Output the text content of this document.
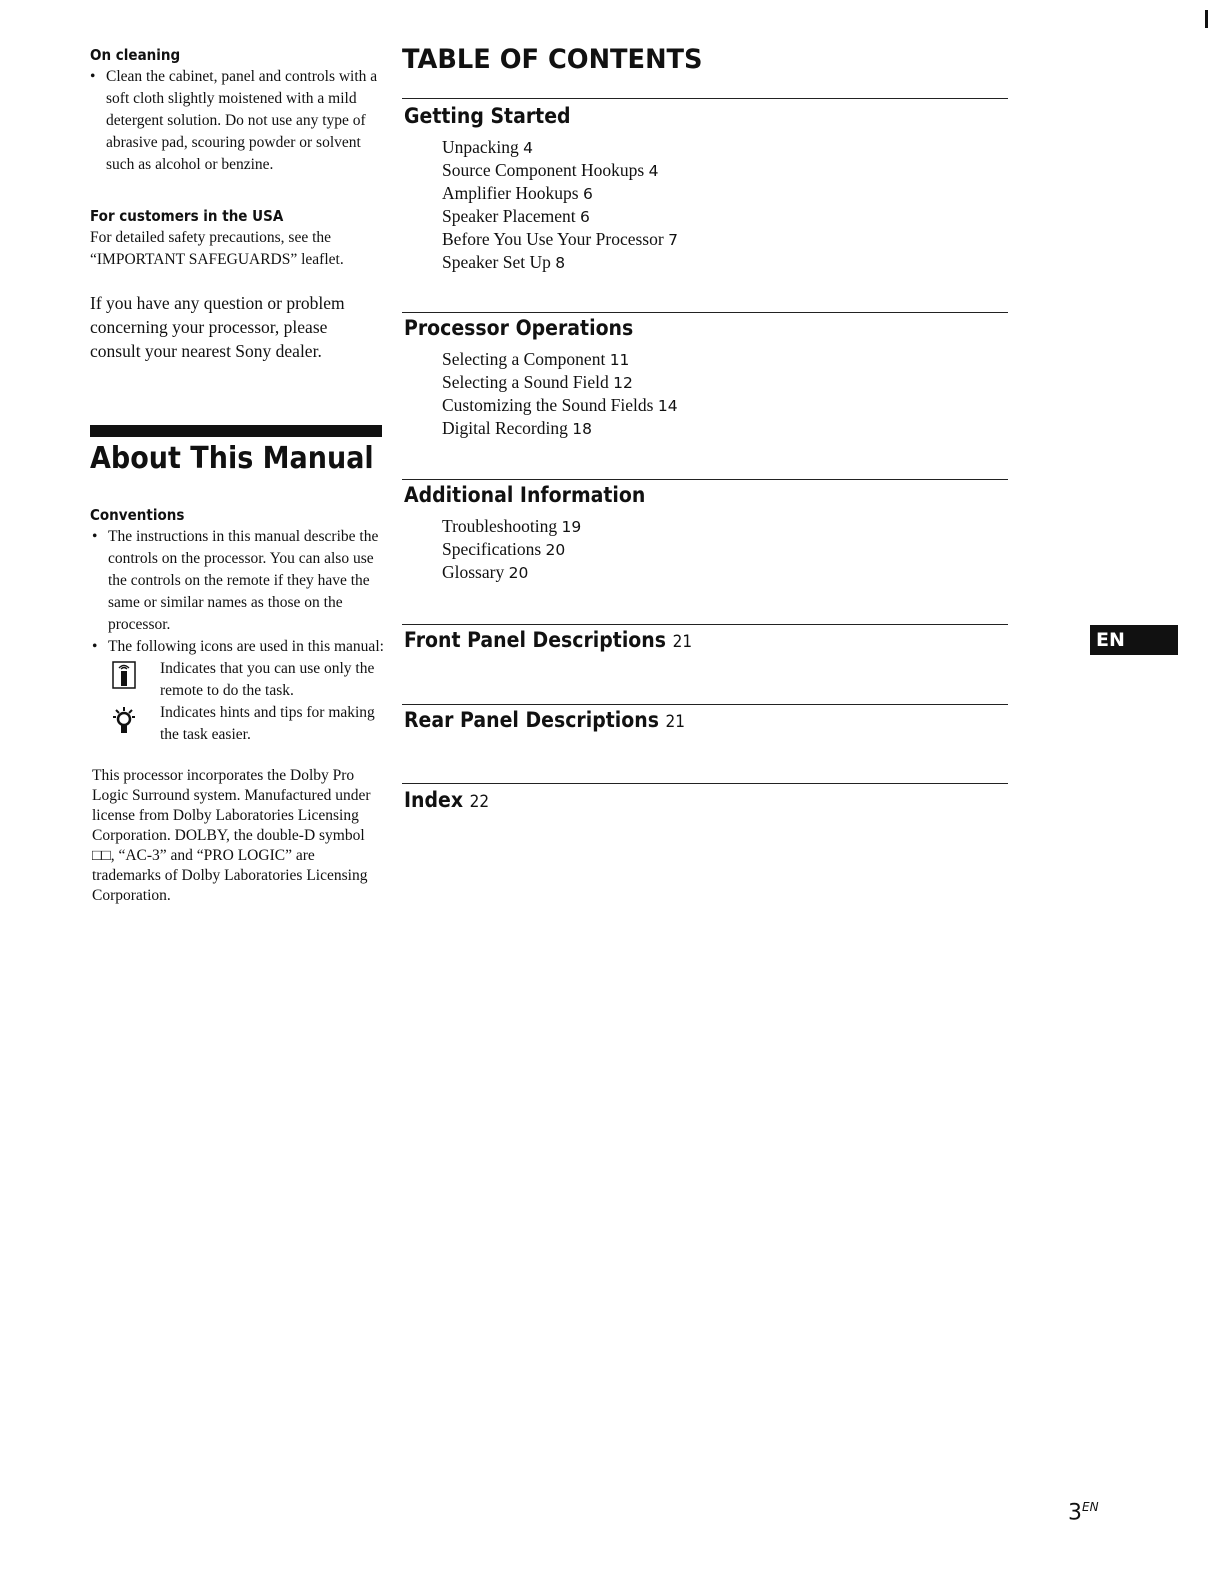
On cleaning
• Clean the cabinet, panel and controls with a soft cloth slightly moistened with a mild detergent solution. Do not use any type of abrasive pad, scouring powder or solvent such as alcohol or benzine.
For customers in the USA
For detailed safety precautions, see the “IMPORTANT SAFEGUARDS” leaflet.
If you have any question or problem concerning your processor, please consult your nearest Sony dealer.
About This Manual
Conventions
• The instructions in this manual describe the controls on the processor. You can also use the controls on the remote if they have the same or similar names as those on the processor.
• The following icons are used in this manual:
Indicates that you can use only the remote to do the task.
Indicates hints and tips for making the task easier.
This processor incorporates the Dolby Pro Logic Surround system. Manufactured under license from Dolby Laboratories Licensing Corporation. DOLBY, the double-D symbol □□, “AC-3” and “PRO LOGIC” are trademarks of Dolby Laboratories Licensing Corporation.
TABLE OF CONTENTS
Getting Started
Unpacking 4
Source Component Hookups 4
Amplifier Hookups 6
Speaker Placement 6
Before You Use Your Processor 7
Speaker Set Up 8
Processor Operations
Selecting a Component 11
Selecting a Sound Field 12
Customizing the Sound Fields 14
Digital Recording 18
Additional Information
Troubleshooting 19
Specifications 20
Glossary 20
Front Panel Descriptions 21
Rear Panel Descriptions 21
Index 22
EN
$3^{EN}$
